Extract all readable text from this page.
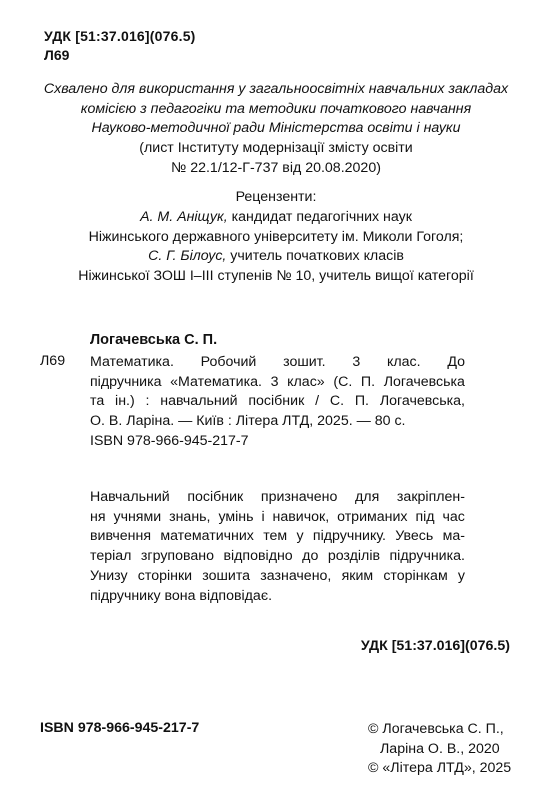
УДК [51:37.016](076.5)
Л69
Схвалено для використання у загальноосвітніх навчальних закладах
комісією з педагогіки та методики початкового навчання
Науково-методичної ради Міністерства освіти і науки
(лист Інституту модернізації змісту освіти
№ 22.1/12-Г-737 від 20.08.2020)
Рецензенти:
А. М. Аніщук, кандидат педагогічних наук
Ніжинського державного університету ім. Миколи Гоголя;
С. Г. Білоус, учитель початкових класів
Ніжинської ЗОШ I–III ступенів № 10, учитель вищої категорії
Логачевська С. П.
Л69 Математика. Робочий зошит. 3 клас. До
підручника «Математика. 3 клас» (С. П. Логачевська
та ін.) : навчальний посібник / С. П. Логачевська,
О. В. Ларіна. — Київ : Літера ЛТД, 2025. — 80 с.
ISBN 978-966-945-217-7
Навчальний посібник призначено для закріплен-
ня учнями знань, умінь і навичок, отриманих під час
вивчення математичних тем у підручнику. Увесь ма-
теріал згруповано відповідно до розділів підручника.
Унизу сторінки зошита зазначено, яким сторінкам у
підручнику вона відповідає.
УДК [51:37.016](076.5)
ISBN 978-966-945-217-7	© Логачевська С. П.,
Ларіна О. В., 2020
© «Літера ЛТД», 2025
